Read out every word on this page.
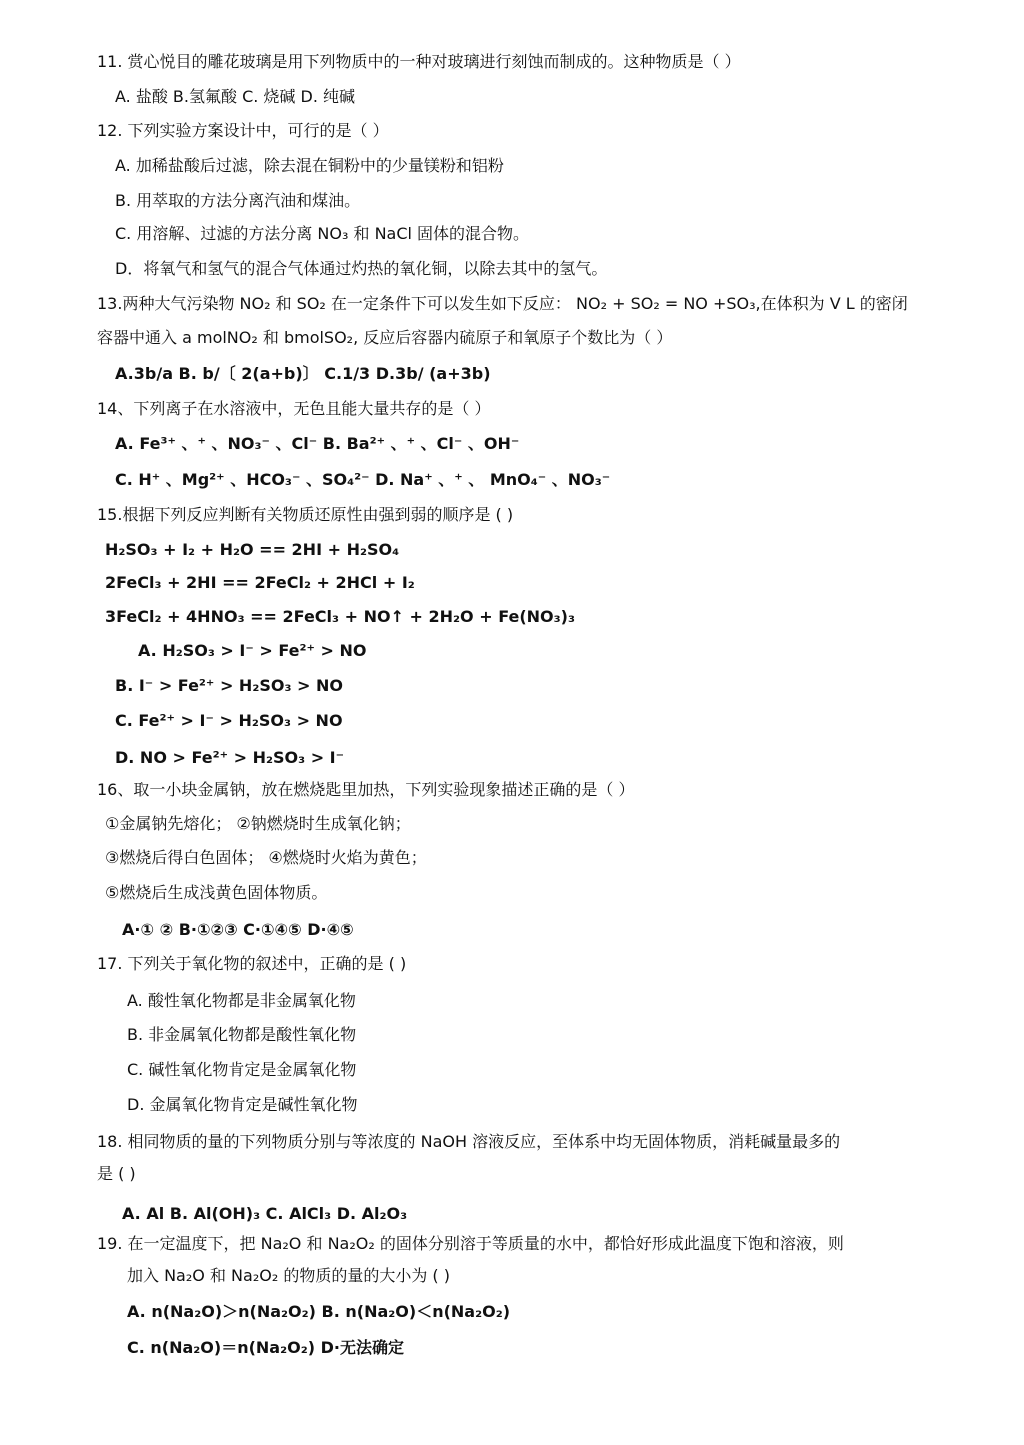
11. 赏心悦目的雕花玻璃是用下列物质中的一种对玻璃进行刻蚀而制成的。这种物质是（ ）
A. 盐酸 B.氢氟酸 C. 烧碱 D. 纯碱
12. 下列实验方案设计中，可行的是（ ）
A. 加稀盐酸后过滤，除去混在铜粉中的少量镁粉和铝粉
B. 用萃取的方法分离汽油和煤油。
C. 用溶解、过滤的方法分离 NO₃ 和 NaCl 固体的混合物。
D．将氧气和氢气的混合气体通过灼热的氧化铜，以除去其中的氢气。
13.两种大气污染物 NO₂ 和 SO₂ 在一定条件下可以发生如下反应： NO₂ + SO₂ = NO +SO₃,在体积为 V L 的密闭
容器中通入 a molNO₂ 和 bmolSO₂, 反应后容器内硫原子和氧原子个数比为（ ）
A.3b/a B. b/〔 2(a+b)〕 C.1/3 D.3b/ (a+3b)
14、下列离子在水溶液中，无色且能大量共存的是（ ）
A. Fe³⁺ 、⁺ 、NO₃⁻ 、Cl⁻ B. Ba²⁺ 、⁺ 、Cl⁻ 、OH⁻
C. H⁺ 、Mg²⁺ 、HCO₃⁻ 、SO₄²⁻ D. Na⁺ 、⁺ 、 MnO₄⁻ 、NO₃⁻
15.根据下列反应判断有关物质还原性由强到弱的顺序是 ( )
H₂SO₃ + I₂ + H₂O == 2HI + H₂SO₄
2FeCl₃ + 2HI == 2FeCl₂ + 2HCl + I₂
3FeCl₂ + 4HNO₃ == 2FeCl₃ + NO↑ + 2H₂O + Fe(NO₃)₃
A. H₂SO₃ > I⁻ > Fe²⁺ > NO
B. I⁻ > Fe²⁺ > H₂SO₃ > NO
C. Fe²⁺ > I⁻ > H₂SO₃ > NO
D. NO > Fe²⁺ > H₂SO₃ > I⁻
16、取一小块金属钠，放在燃烧匙里加热，下列实验现象描述正确的是（ ）
①金属钠先熔化； ②钠燃烧时生成氧化钠；
③燃烧后得白色固体； ④燃烧时火焰为黄色；
⑤燃烧后生成浅黄色固体物质。
A·① ② B·①②③ C·①④⑤ D·④⑤
17. 下列关于氧化物的叙述中，正确的是 ( )
A. 酸性氧化物都是非金属氧化物
B. 非金属氧化物都是酸性氧化物
C. 碱性氧化物肯定是金属氧化物
D. 金属氧化物肯定是碱性氧化物
18. 相同物质的量的下列物质分别与等浓度的 NaOH 溶液反应，至体系中均无固体物质，消耗碱量最多的
是 ( )
A. Al B. Al(OH)₃ C. AlCl₃ D. Al₂O₃
19. 在一定温度下，把 Na₂O 和 Na₂O₂ 的固体分别溶于等质量的水中，都恰好形成此温度下饱和溶液，则
加入 Na₂O 和 Na₂O₂ 的物质的量的大小为 ( )
A. n(Na₂O)＞n(Na₂O₂) B. n(Na₂O)＜n(Na₂O₂)
C. n(Na₂O)＝n(Na₂O₂) D·无法确定
